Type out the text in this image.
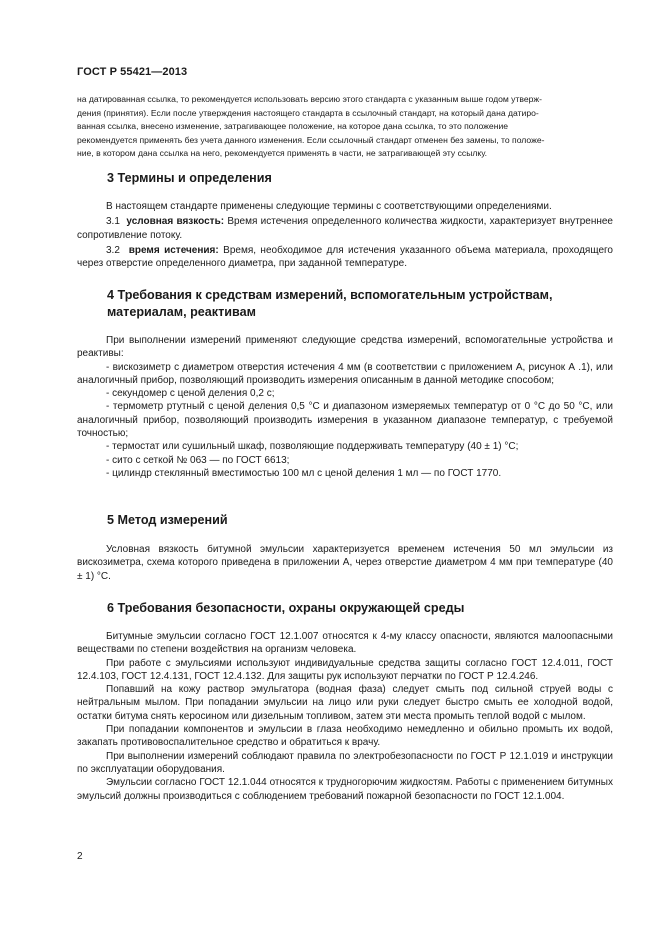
ГОСТ Р 55421—2013

на датированная ссылка, то рекомендуется использовать версию этого стандарта с указанным выше годом утверж-

дения (принятия). Если после утверждения настоящего стандарта в ссылочный стандарт, на который дана датиро-

ванная ссылка, внесено изменение, затрагивающее положение, на которое дана ссылка, то это положение

рекомендуется применять без учета данного изменения. Если ссылочный стандарт отменен без замены, то положе-

ние, в котором дана ссылка на него, рекомендуется применять в части, не затрагивающей эту ссылку.

3 Термины и определения

В настоящем стандарте применены следующие термины с соответствующими определениями.

3.1 условная вязкость: Время истечения определенного количества жидкости, характеризует внутреннее сопротивление потоку.

3.2 время истечения: Время, необходимое для истечения указанного объема материала, проходящего через отверстие определенного диаметра, при заданной температуре.

4 Требования к средствам измерений, вспомогательным устройствам, материалам, реактивам

При выполнении измерений применяют следующие средства измерений, вспомогательные устройства и реактивы:

- вискозиметр с диаметром отверстия истечения 4 мм (в соответствии с приложением А, рисунок А .1), или аналогичный прибор, позволяющий производить измерения описанным в данной методике способом;

- секундомер с ценой деления 0,2 с;

- термометр ртутный с ценой деления 0,5 °С и диапазоном измеряемых температур от 0 °С до 50 °С, или аналогичный прибор, позволяющий производить измерения в указанном диапазоне температур, с требуемой точностью;

- термостат или сушильный шкаф, позволяющие поддерживать температуру (40 ± 1) °С;

- сито с сеткой № 063 — по ГОСТ 6613;

- цилиндр стеклянный вместимостью 100 мл с ценой деления 1 мл — по ГОСТ 1770.

5 Метод измерений

Условная вязкость битумной эмульсии характеризуется временем истечения 50 мл эмульсии из вискозиметра, схема которого приведена в приложении А, через отверстие диаметром 4 мм при температуре (40 ± 1) °С.

6 Требования безопасности, охраны окружающей среды

Битумные эмульсии согласно ГОСТ 12.1.007 относятся к 4-му классу опасности, являются малоопасными веществами по степени воздействия на организм человека.

При работе с эмульсиями используют индивидуальные средства защиты согласно ГОСТ 12.4.011, ГОСТ 12.4.103, ГОСТ 12.4.131, ГОСТ 12.4.132. Для защиты рук используют перчатки по ГОСТ Р 12.4.246.

Попавший на кожу раствор эмульгатора (водная фаза) следует смыть под сильной струей воды с нейтральным мылом. При попадании эмульсии на лицо или руки следует быстро смыть ее холодной водой, остатки битума снять керосином или дизельным топливом, затем эти места промыть теплой водой с мылом.

При попадании компонентов и эмульсии в глаза необходимо немедленно и обильно промыть их водой, закапать противовоспалительное средство и обратиться к врачу.

При выполнении измерений соблюдают правила по электробезопасности по ГОСТ Р 12.1.019 и инструкции по эксплуатации оборудования.

Эмульсии согласно ГОСТ 12.1.044 относятся к трудногорючим жидкостям. Работы с применением битумных эмульсий должны производиться с соблюдением требований пожарной безопасности по ГОСТ 12.1.004.

2
